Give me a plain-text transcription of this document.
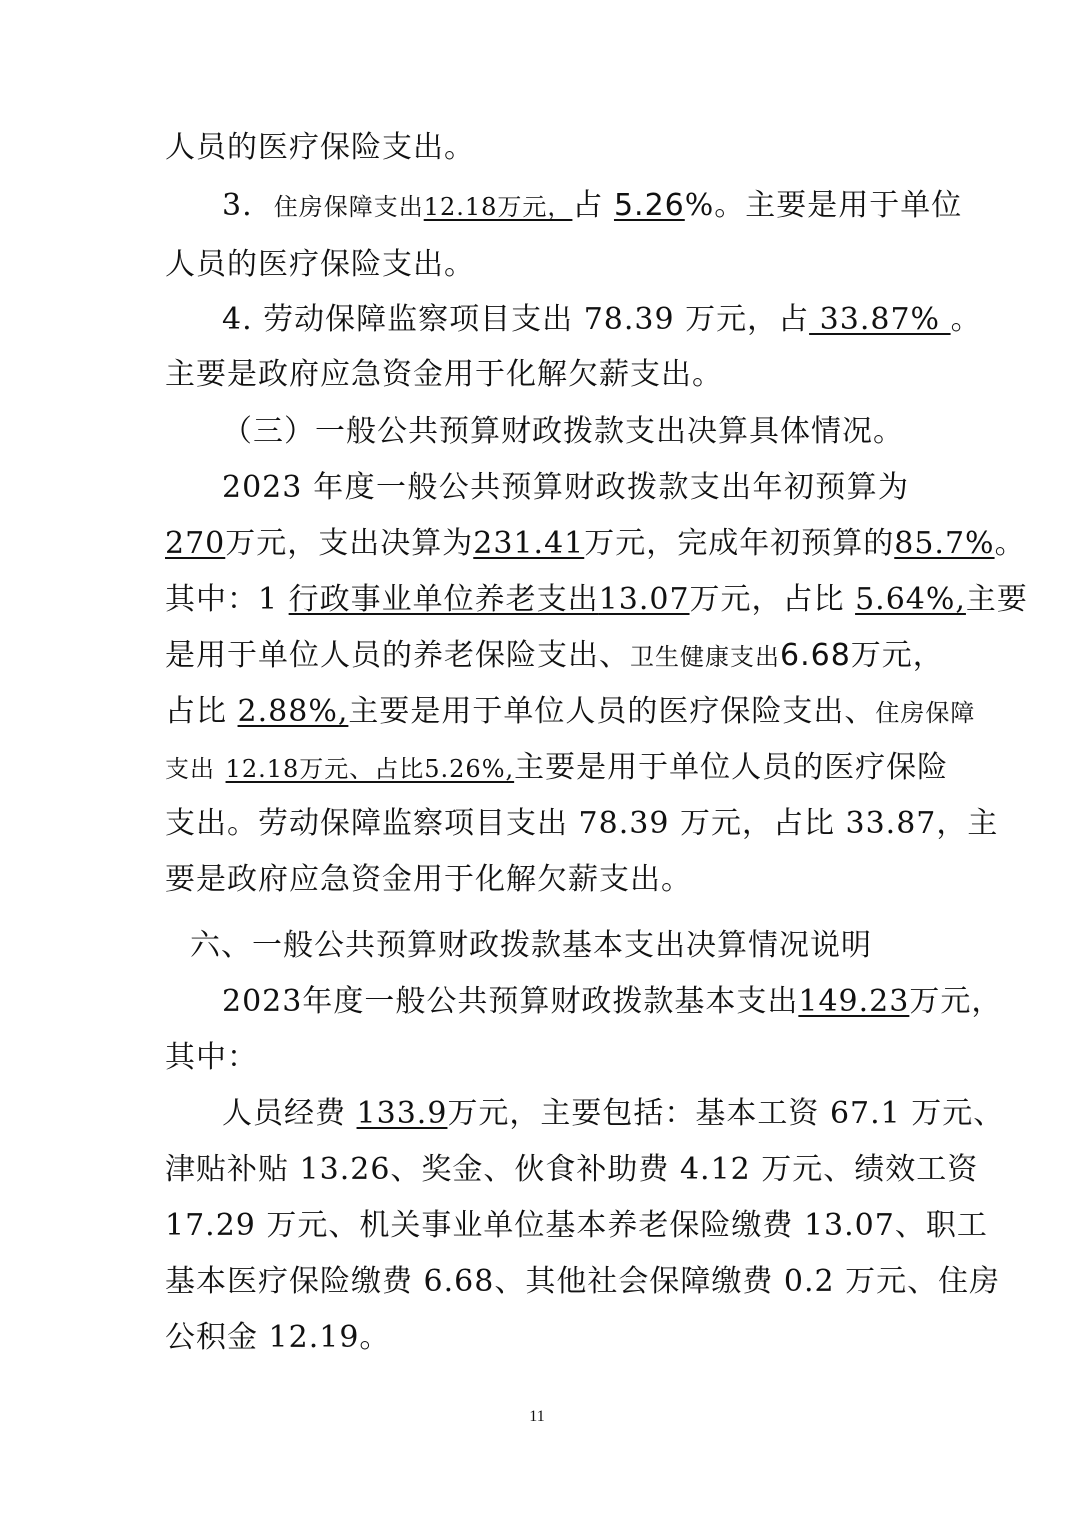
人员的医疗保险支出。
3. 住房保障支出12.18万元，占 5.26%。主要是用于单位
人员的医疗保险支出。
4. 劳动保障监察项目支出 78.39 万元，占 33.87% 。
主要是政府应急资金用于化解欠薪支出。
（三）一般公共预算财政拨款支出决算具体情况。
2023 年度一般公共预算财政拨款支出年初预算为
270万元，支出决算为231.41万元，完成年初预算的85.7%。
其中：1 行政事业单位养老支出13.07万元，占比 5.64%,主要
是用于单位人员的养老保险支出、卫生健康支出6.68万元，
占比 2.88%,主要是用于单位人员的医疗保险支出、住房保障
支出 12.18万元、占比5.26%,主要是用于单位人员的医疗保险
支出。劳动保障监察项目支出 78.39 万元，占比 33.87，主
要是政府应急资金用于化解欠薪支出。
六、一般公共预算财政拨款基本支出决算情况说明
2023年度一般公共预算财政拨款基本支出149.23万元，
其中：
人员经费 133.9万元，主要包括：基本工资 67.1 万元、
津贴补贴 13.26、奖金、伙食补助费 4.12 万元、绩效工资
17.29 万元、机关事业单位基本养老保险缴费 13.07、职工
基本医疗保险缴费 6.68、其他社会保障缴费 0.2 万元、住房
公积金 12.19。
11
